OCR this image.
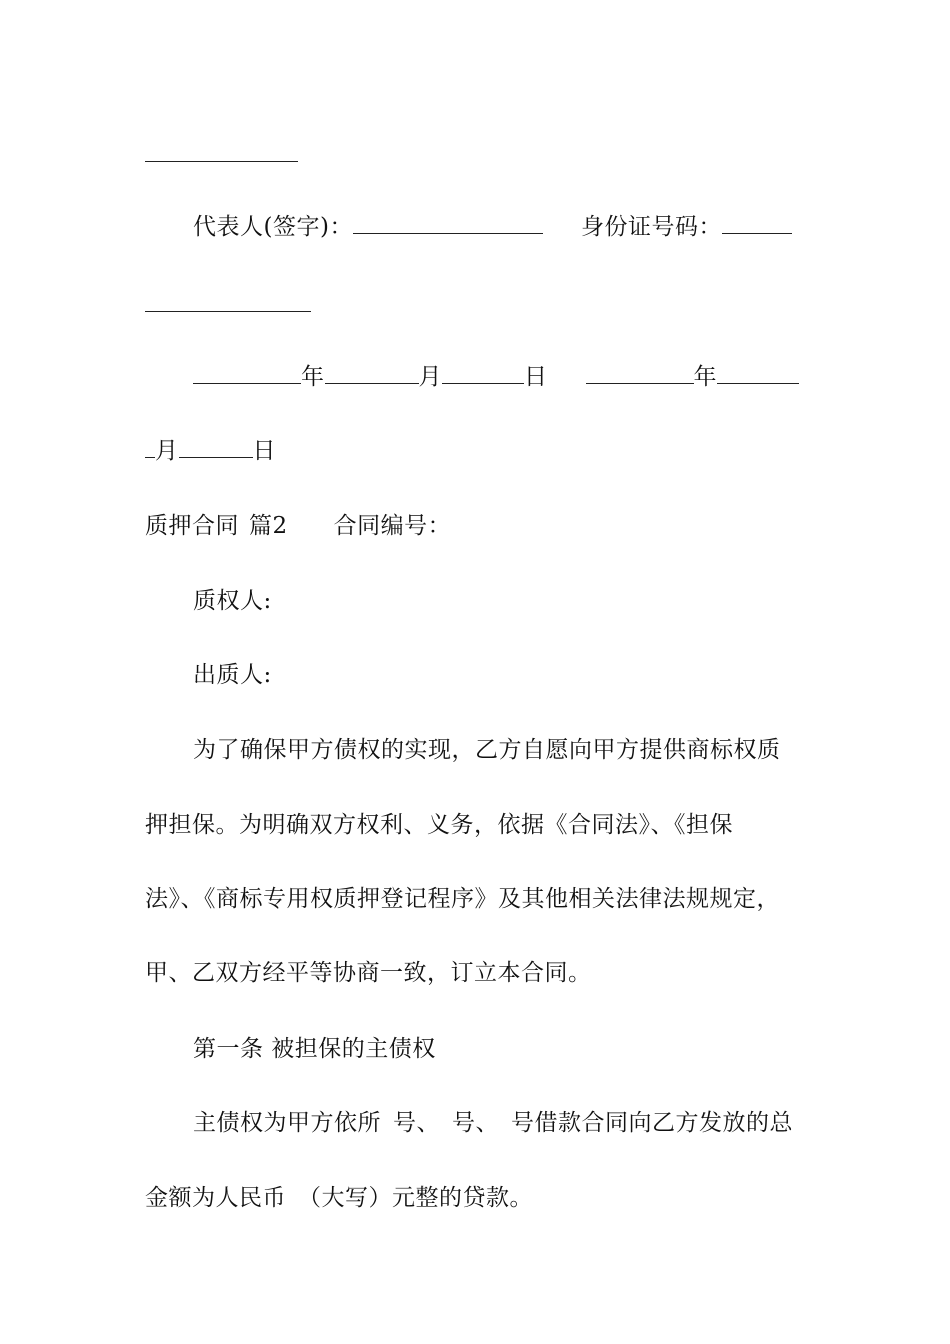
代表人(签字)：	身份证号码：
年	月	日	年
月	日
质押合同 篇2 合同编号：
质权人:
出质人:
为了确保甲方债权的实现，乙方自愿向甲方提供商标权质
押担保。为明确双方权利、义务，依据《合同法》、《担保
法》、《商标专用权质押登记程序》及其他相关法律法规规定，
甲、乙双方经平等协商一致，订立本合同。
第一条 被担保的主债权
主债权为甲方依所 号、 号、 号借款合同向乙方发放的总
金额为人民币 （大写）元整的贷款。
